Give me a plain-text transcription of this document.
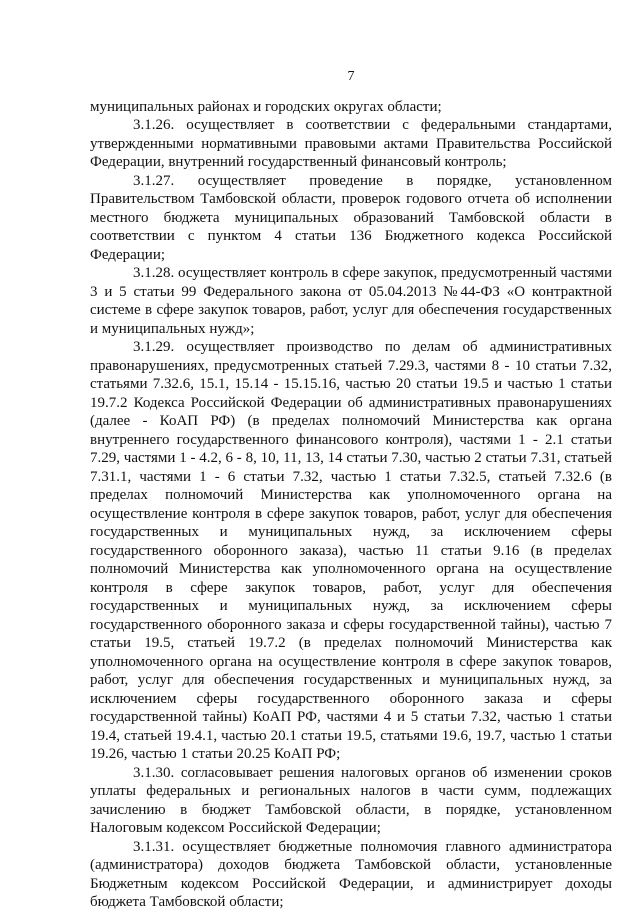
7

муниципальных районах и городских округах области;

3.1.26. осуществляет в соответствии с федеральными стандартами, утвержденными нормативными правовыми актами Правительства Российской Федерации, внутренний государственный финансовый контроль;

3.1.27. осуществляет проведение в порядке, установленном Правительством Тамбовской области, проверок годового отчета об исполнении местного бюджета муниципальных образований Тамбовской области в соответствии с пунктом 4 статьи 136 Бюджетного кодекса Российской Федерации;

3.1.28. осуществляет контроль в сфере закупок, предусмотренный частями 3 и 5 статьи 99 Федерального закона от 05.04.2013 №44-ФЗ «О контрактной системе в сфере закупок товаров, работ, услуг для обеспечения государственных и муниципальных нужд»;

3.1.29. осуществляет производство по делам об административных правонарушениях, предусмотренных статьей 7.29.3, частями 8 - 10 статьи 7.32, статьями 7.32.6, 15.1, 15.14 - 15.15.16, частью 20 статьи 19.5 и частью 1 статьи 19.7.2 Кодекса Российской Федерации об административных правонарушениях (далее - КоАП РФ) (в пределах полномочий Министерства как органа внутреннего государственного финансового контроля), частями 1 - 2.1 статьи 7.29, частями 1 - 4.2, 6 - 8, 10, 11, 13, 14 статьи 7.30, частью 2 статьи 7.31, статьей 7.31.1, частями 1 - 6 статьи 7.32, частью 1 статьи 7.32.5, статьей 7.32.6 (в пределах полномочий Министерства как уполномоченного органа на осуществление контроля в сфере закупок товаров, работ, услуг для обеспечения государственных и муниципальных нужд, за исключением сферы государственного оборонного заказа), частью 11 статьи 9.16 (в пределах полномочий Министерства как уполномоченного органа на осуществление контроля в сфере закупок товаров, работ, услуг для обеспечения государственных и муниципальных нужд, за исключением сферы государственного оборонного заказа и сферы государственной тайны), частью 7 статьи 19.5, статьей 19.7.2 (в пределах полномочий Министерства как уполномоченного органа на осуществление контроля в сфере закупок товаров, работ, услуг для обеспечения государственных и муниципальных нужд, за исключением сферы государственного оборонного заказа и сферы государственной тайны) КоАП РФ, частями 4 и 5 статьи 7.32, частью 1 статьи 19.4, статьей 19.4.1, частью 20.1 статьи 19.5, статьями 19.6, 19.7, частью 1 статьи 19.26, частью 1 статьи 20.25 КоАП РФ;

3.1.30. согласовывает решения налоговых органов об изменении сроков уплаты федеральных и региональных налогов в части сумм, подлежащих зачислению в бюджет Тамбовской области, в порядке, установленном Налоговым кодексом Российской Федерации;

3.1.31. осуществляет бюджетные полномочия главного администратора (администратора) доходов бюджета Тамбовской области, установленные Бюджетным кодексом Российской Федерации, и администрирует доходы бюджета Тамбовской области;
